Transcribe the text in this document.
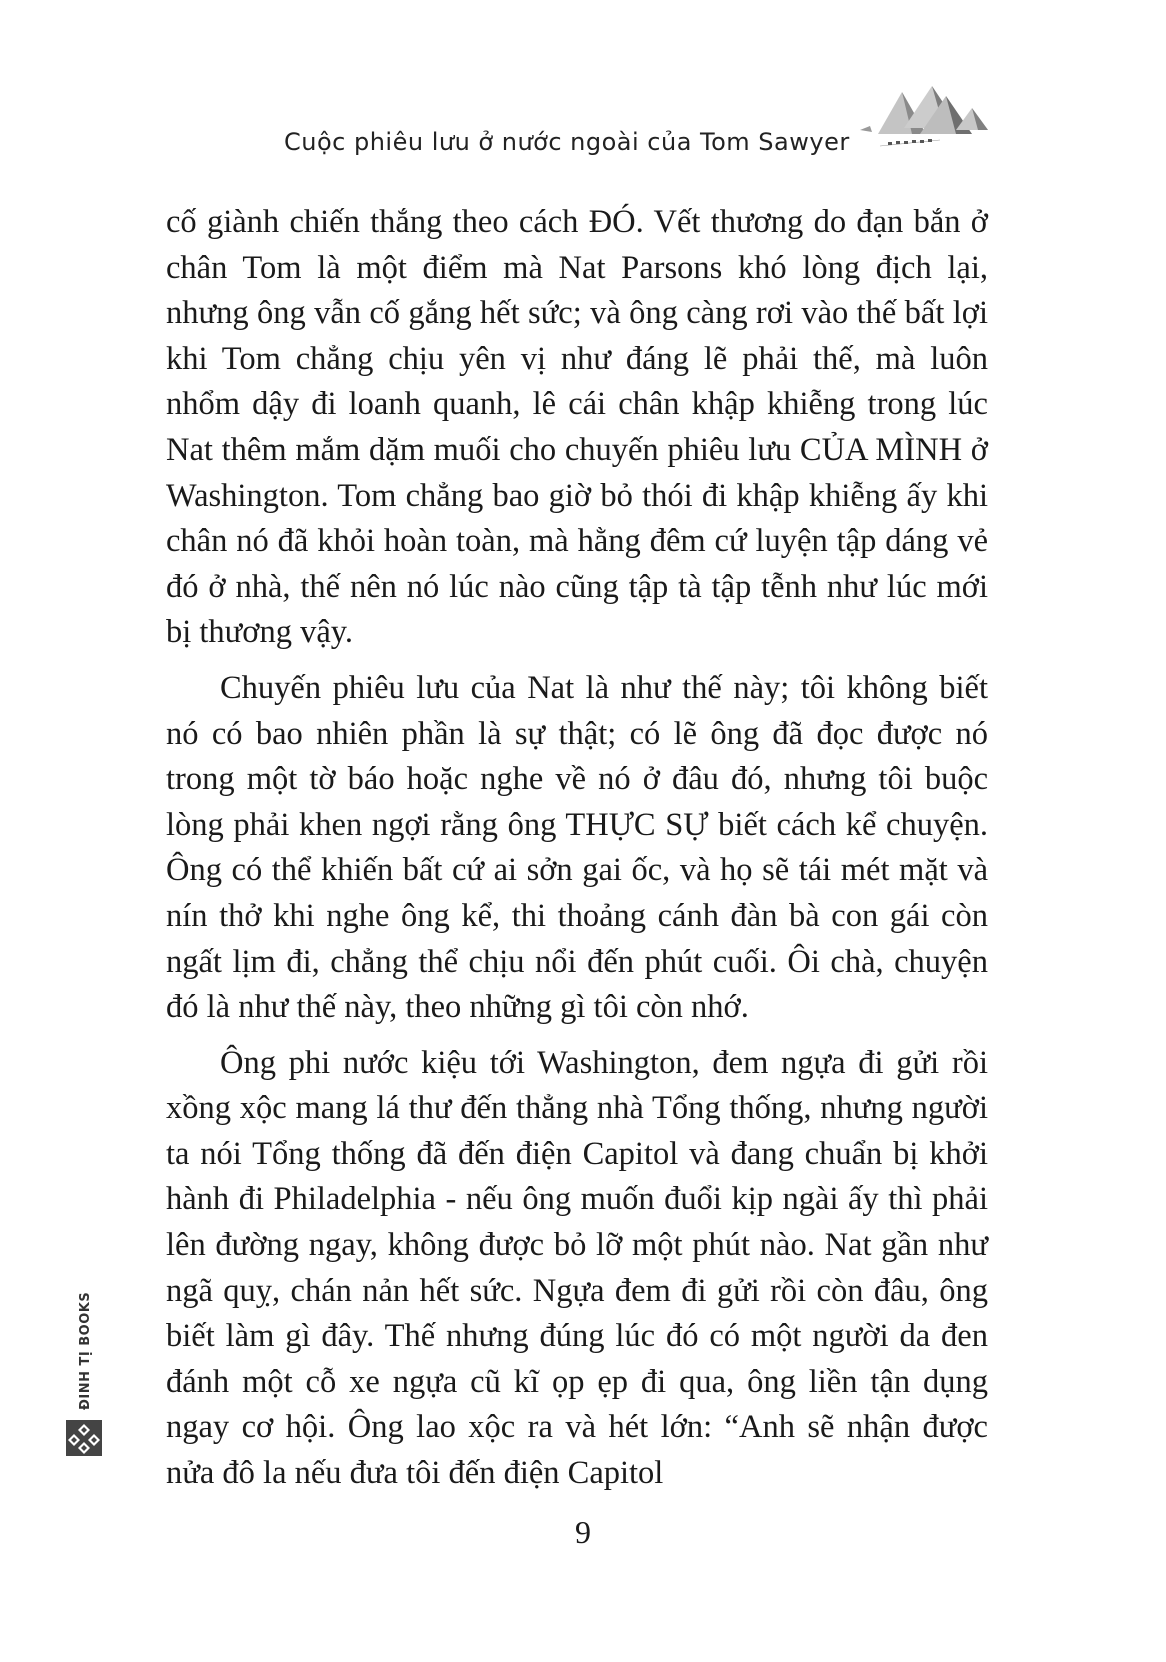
Cuộc phiêu lưu ở nước ngoài của Tom Sawyer

cố giành chiến thắng theo cách ĐÓ. Vết thương do đạn bắn ở chân Tom là một điểm mà Nat Parsons khó lòng địch lại, nhưng ông vẫn cố gắng hết sức; và ông càng rơi vào thế bất lợi khi Tom chẳng chịu yên vị như đáng lẽ phải thế, mà luôn nhổm dậy đi loanh quanh, lê cái chân khập khiễng trong lúc Nat thêm mắm dặm muối cho chuyến phiêu lưu CỦA MÌNH ở Washington. Tom chẳng bao giờ bỏ thói đi khập khiễng ấy khi chân nó đã khỏi hoàn toàn, mà hằng đêm cứ luyện tập dáng vẻ đó ở nhà, thế nên nó lúc nào cũng tập tà tập tễnh như lúc mới bị thương vậy.

Chuyến phiêu lưu của Nat là như thế này; tôi không biết nó có bao nhiên phần là sự thật; có lẽ ông đã đọc được nó trong một tờ báo hoặc nghe về nó ở đâu đó, nhưng tôi buộc lòng phải khen ngợi rằng ông THỰC SỰ biết cách kể chuyện. Ông có thể khiến bất cứ ai sởn gai ốc, và họ sẽ tái mét mặt và nín thở khi nghe ông kể, thi thoảng cánh đàn bà con gái còn ngất lịm đi, chẳng thể chịu nổi đến phút cuối. Ôi chà, chuyện đó là như thế này, theo những gì tôi còn nhớ.

Ông phi nước kiệu tới Washington, đem ngựa đi gửi rồi xồng xộc mang lá thư đến thẳng nhà Tổng thống, nhưng người ta nói Tổng thống đã đến điện Capitol và đang chuẩn bị khởi hành đi Philadelphia - nếu ông muốn đuổi kịp ngài ấy thì phải lên đường ngay, không được bỏ lỡ một phút nào. Nat gần như ngã quỵ, chán nản hết sức. Ngựa đem đi gửi rồi còn đâu, ông biết làm gì đây. Thế nhưng đúng lúc đó có một người da đen đánh một cỗ xe ngựa cũ kĩ ọp ẹp đi qua, ông liền tận dụng ngay cơ hội. Ông lao xộc ra và hét lớn: “Anh sẽ nhận được nửa đô la nếu đưa tôi đến điện Capitol

9
ĐINH TỊ BOOKS
